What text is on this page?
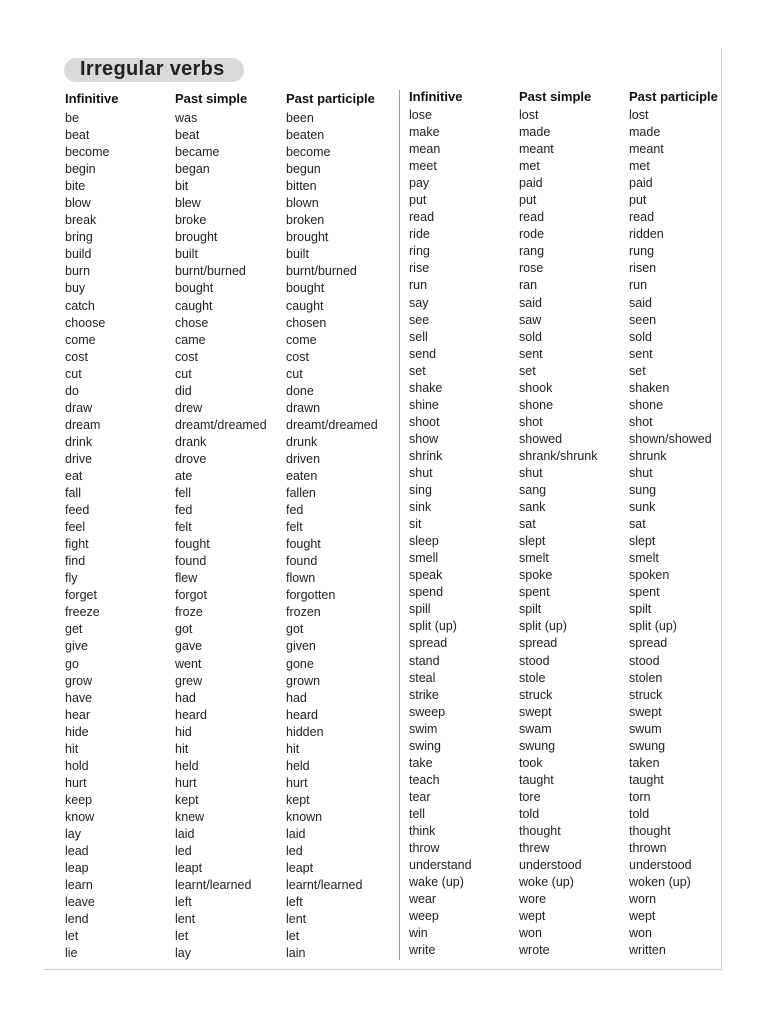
Irregular verbs
Infinitive
be
beat
become
begin
bite
blow
break
bring
build
burn
buy
catch
choose
come
cost
cut
do
draw
dream
drink
drive
eat
fall
feed
feel
fight
find
fly
forget
freeze
get
give
go
grow
have
hear
hide
hit
hold
hurt
keep
know
lay
lead
leap
learn
leave
lend
let
lie
Past simple
was
beat
became
began
bit
blew
broke
brought
built
burnt/burned
bought
caught
chose
came
cost
cut
did
drew
dreamt/dreamed
drank
drove
ate
fell
fed
felt
fought
found
flew
forgot
froze
got
gave
went
grew
had
heard
hid
hit
held
hurt
kept
knew
laid
led
leapt
learnt/learned
left
lent
let
lay
Past participle
been
beaten
become
begun
bitten
blown
broken
brought
built
burnt/burned
bought
caught
chosen
come
cost
cut
done
drawn
dreamt/dreamed
drunk
driven
eaten
fallen
fed
felt
fought
found
flown
forgotten
frozen
got
given
gone
grown
had
heard
hidden
hit
held
hurt
kept
known
laid
led
leapt
learnt/learned
left
lent
let
lain
Infinitive
lose
make
mean
meet
pay
put
read
ride
ring
rise
run
say
see
sell
send
set
shake
shine
shoot
show
shrink
shut
sing
sink
sit
sleep
smell
speak
spend
spill
split (up)
spread
stand
steal
strike
sweep
swim
swing
take
teach
tear
tell
think
throw
understand
wake (up)
wear
weep
win
write
Past simple
lost
made
meant
met
paid
put
read
rode
rang
rose
ran
said
saw
sold
sent
set
shook
shone
shot
showed
shrank/shrunk
shut
sang
sank
sat
slept
smelt
spoke
spent
spilt
split (up)
spread
stood
stole
struck
swept
swam
swung
took
taught
tore
told
thought
threw
understood
woke (up)
wore
wept
won
wrote
Past participle
lost
made
meant
met
paid
put
read
ridden
rung
risen
run
said
seen
sold
sent
set
shaken
shone
shot
shown/showed
shrunk
shut
sung
sunk
sat
slept
smelt
spoken
spent
spilt
split (up)
spread
stood
stolen
struck
swept
swum
swung
taken
taught
torn
told
thought
thrown
understood
woken (up)
worn
wept
won
written
